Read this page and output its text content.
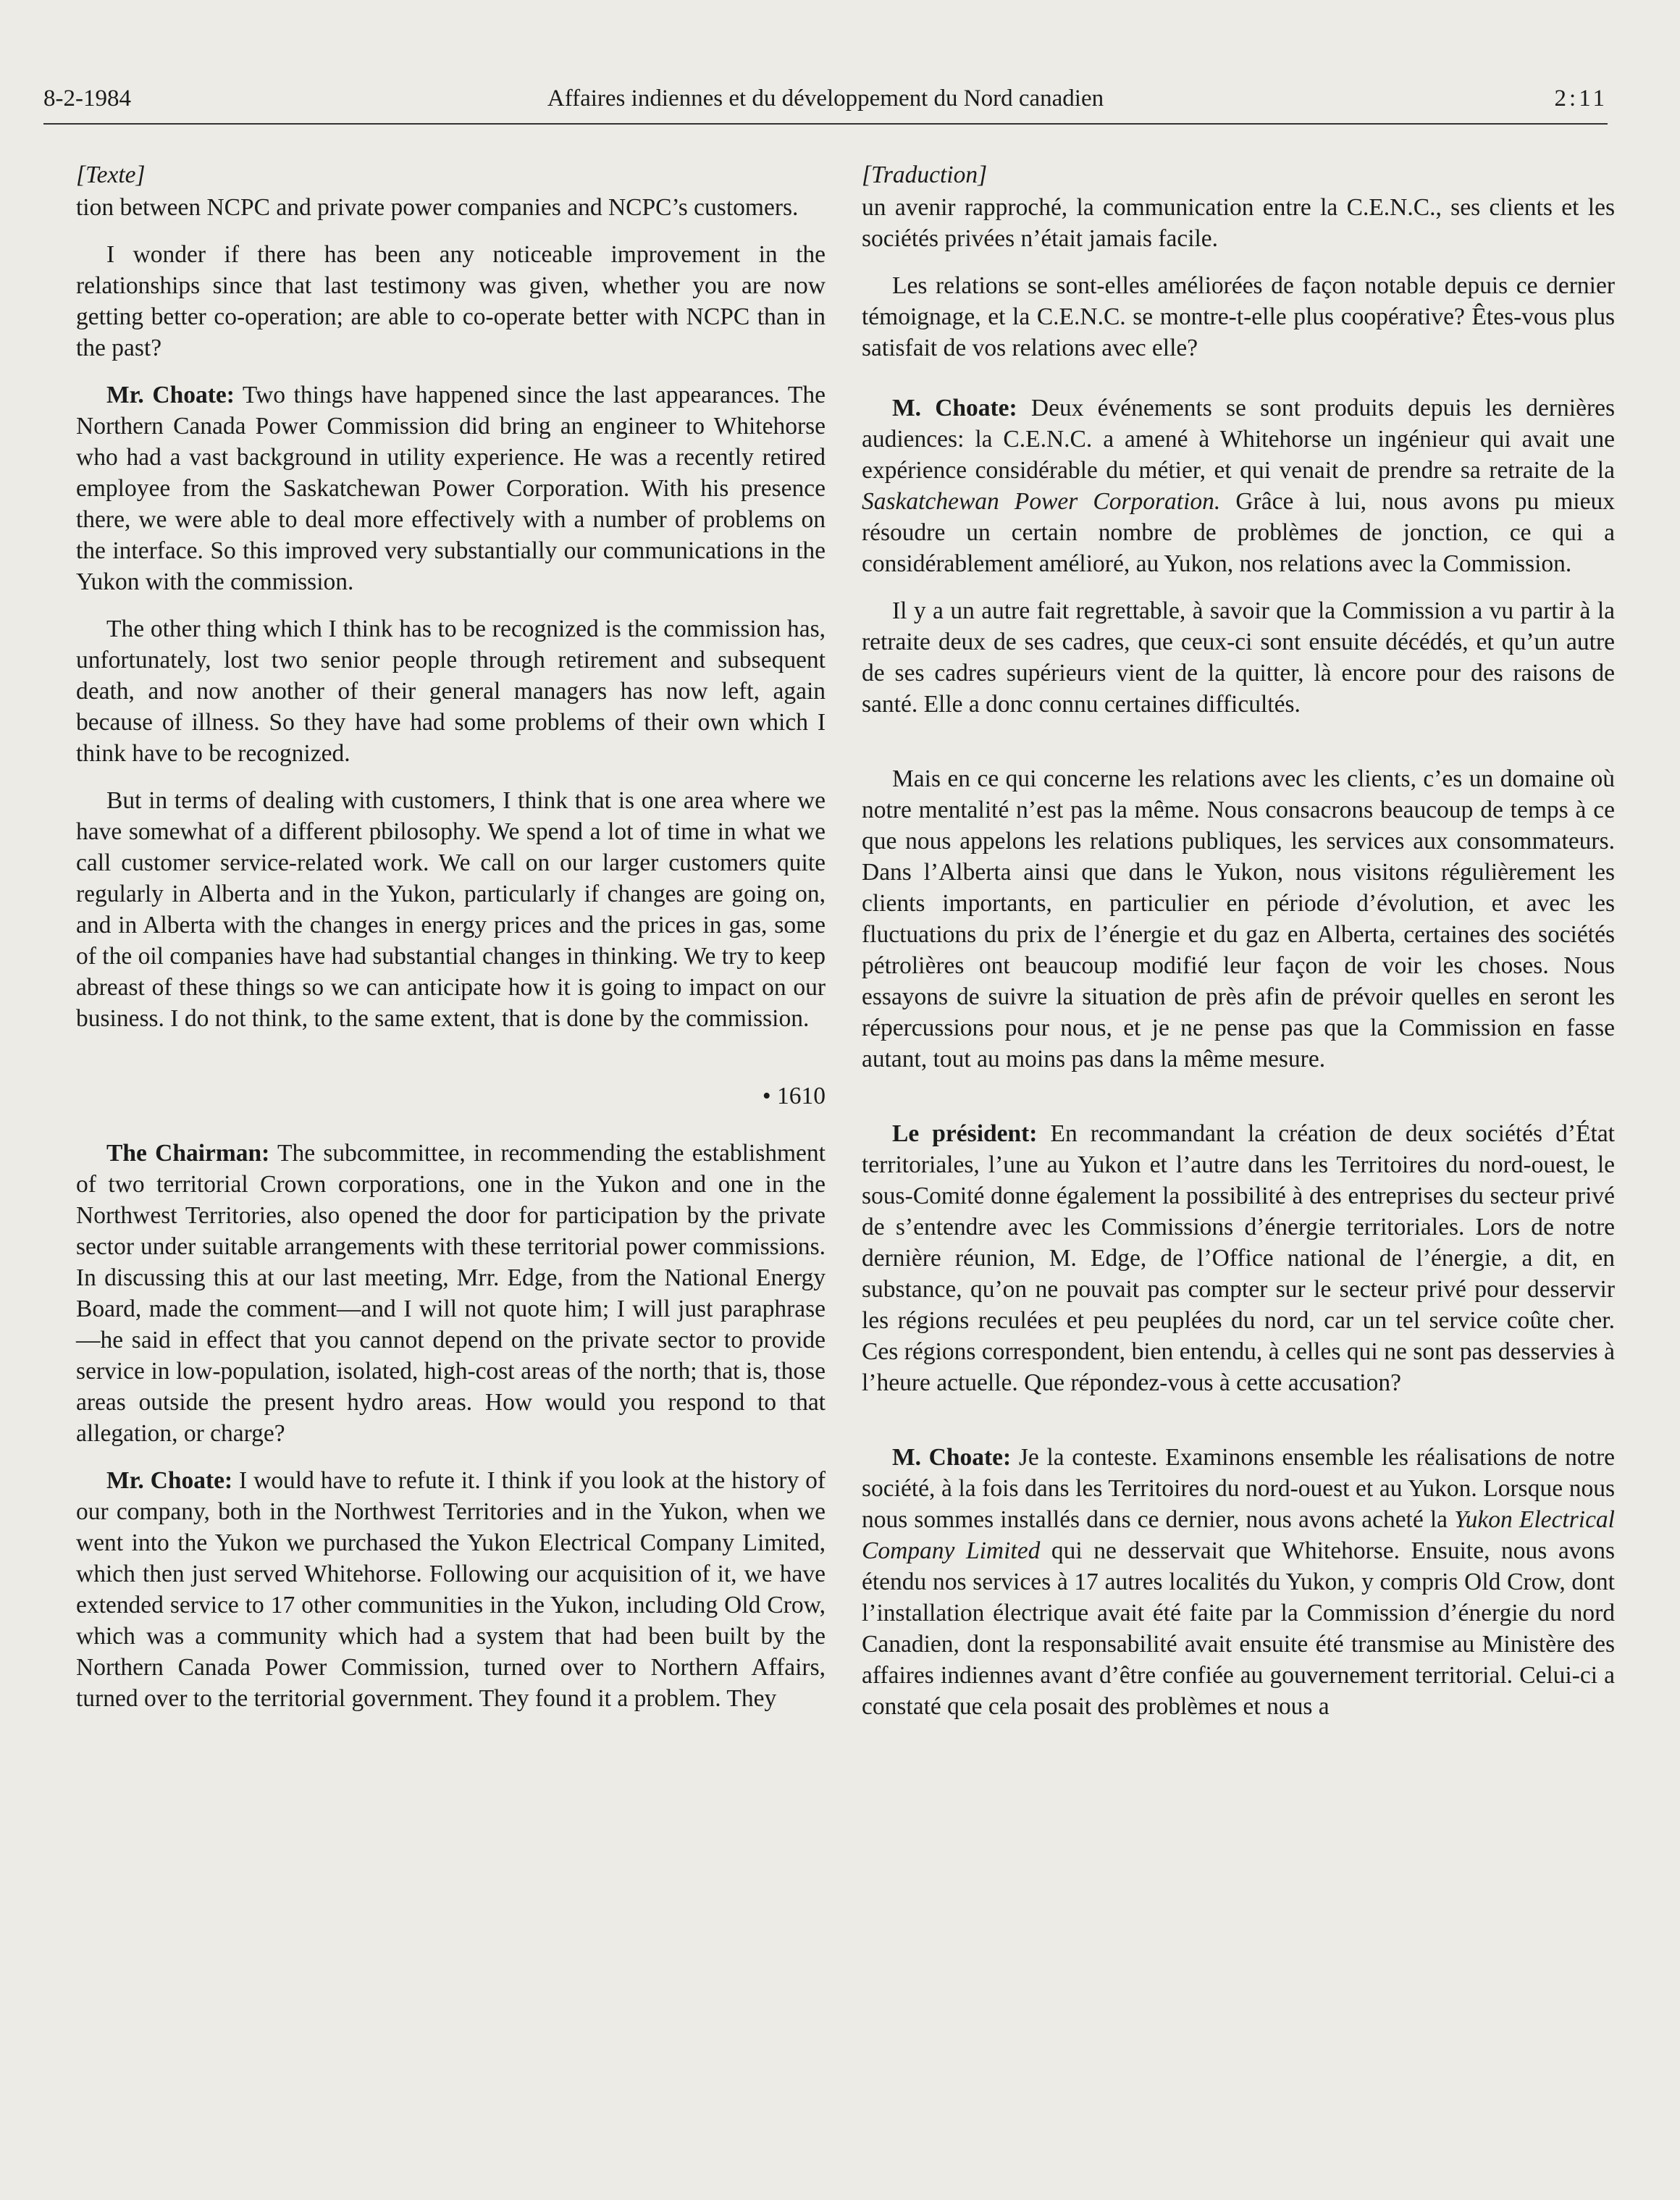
8-2-1984	Affaires indiennes et du développement du Nord canadien	2:11
[Texte]

tion between NCPC and private power companies and NCPC’s customers.

I wonder if there has been any noticeable improvement in the relationships since that last testimony was given, whether you are now getting better co-operation; are able to co-operate better with NCPC than in the past?

Mr. Choate: Two things have happened since the last appearances. The Northern Canada Power Commission did bring an engineer to Whitehorse who had a vast background in utility experience. He was a recently retired employee from the Saskatchewan Power Corporation. With his presence there, we were able to deal more effectively with a number of problems on the interface. So this improved very substantially our communications in the Yukon with the commission.

The other thing which I think has to be recognized is the commission has, unfortunately, lost two senior people through retirement and subsequent death, and now another of their general managers has now left, again because of illness. So they have had some problems of their own which I think have to be recognized.

But in terms of dealing with customers, I think that is one area where we have somewhat of a different pbilosophy. We spend a lot of time in what we call customer service-related work. We call on our larger customers quite regularly in Alberta and in the Yukon, particularly if changes are going on, and in Alberta with the changes in energy prices and the prices in gas, some of the oil companies have had substantial changes in thinking. We try to keep abreast of these things so we can anticipate how it is going to impact on our business. I do not think, to the same extent, that is done by the commission.

• 1610

The Chairman: The subcommittee, in recommending the establishment of two territorial Crown corporations, one in the Yukon and one in the Northwest Territories, also opened the door for participation by the private sector under suitable arrangements with these territorial power commissions. In discussing this at our last meeting, Mrr. Edge, from the National Energy Board, made the comment—and I will not quote him; I will just paraphrase—he said in effect that you cannot depend on the private sector to provide service in low-population, isolated, high-cost areas of the north; that is, those areas outside the present hydro areas. How would you respond to that allegation, or charge?

Mr. Choate: I would have to refute it. I think if you look at the history of our company, both in the Northwest Territories and in the Yukon, when we went into the Yukon we purchased the Yukon Electrical Company Limited, which then just served Whitehorse. Following our acquisition of it, we have extended service to 17 other communities in the Yukon, including Old Crow, which was a community which had a system that had been built by the Northern Canada Power Commission, turned over to Northern Affairs, turned over to the territorial government. They found it a problem. They

[Traduction]

un avenir rapproché, la communication entre la C.E.N.C., ses clients et les sociétés privées n’était jamais facile.

Les relations se sont-elles améliorées de façon notable depuis ce dernier témoignage, et la C.E.N.C. se montre-t-elle plus coopérative? Êtes-vous plus satisfait de vos relations avec elle?

M. Choate: Deux événements se sont produits depuis les dernières audiences: la C.E.N.C. a amené à Whitehorse un ingénieur qui avait une expérience considérable du métier, et qui venait de prendre sa retraite de la Saskatchewan Power Corporation. Grâce à lui, nous avons pu mieux résoudre un certain nombre de problèmes de jonction, ce qui a considérablement amélioré, au Yukon, nos relations avec la Commission.

Il y a un autre fait regrettable, à savoir que la Commission a vu partir à la retraite deux de ses cadres, que ceux-ci sont ensuite décédés, et qu’un autre de ses cadres supérieurs vient de la quitter, là encore pour des raisons de santé. Elle a donc connu certaines difficultés.

Mais en ce qui concerne les relations avec les clients, c’es un domaine où notre mentalité n’est pas la même. Nous consacrons beaucoup de temps à ce que nous appelons les relations publiques, les services aux consommateurs. Dans l’Alberta ainsi que dans le Yukon, nous visitons régulièrement les clients importants, en particulier en période d’évolution, et avec les fluctuations du prix de l’énergie et du gaz en Alberta, certaines des sociétés pétrolières ont beaucoup modifié leur façon de voir les choses. Nous essayons de suivre la situation de près afin de prévoir quelles en seront les répercussions pour nous, et je ne pense pas que la Commission en fasse autant, tout au moins pas dans la même mesure.

Le président: En recommandant la création de deux sociétés d’État territoriales, l’une au Yukon et l’autre dans les Territoires du nord-ouest, le sous-Comité donne également la possibilité à des entreprises du secteur privé de s’entendre avec les Commissions d’énergie territoriales. Lors de notre dernière réunion, M. Edge, de l’Office national de l’énergie, a dit, en substance, qu’on ne pouvait pas compter sur le secteur privé pour desservir les régions reculées et peu peuplées du nord, car un tel service coûte cher. Ces régions correspondent, bien entendu, à celles qui ne sont pas desservies à l’heure actuelle. Que répondez-vous à cette accusation?

M. Choate: Je la conteste. Examinons ensemble les réalisations de notre société, à la fois dans les Territoires du nord-ouest et au Yukon. Lorsque nous nous sommes installés dans ce dernier, nous avons acheté la Yukon Electrical Company Limited qui ne desservait que Whitehorse. Ensuite, nous avons étendu nos services à 17 autres localités du Yukon, y compris Old Crow, dont l’installation électrique avait été faite par la Commission d’énergie du nord Canadien, dont la responsabilité avait ensuite été transmise au Ministère des affaires indiennes avant d’être confiée au gouvernement territorial. Celui-ci a constaté que cela posait des problèmes et nous a
